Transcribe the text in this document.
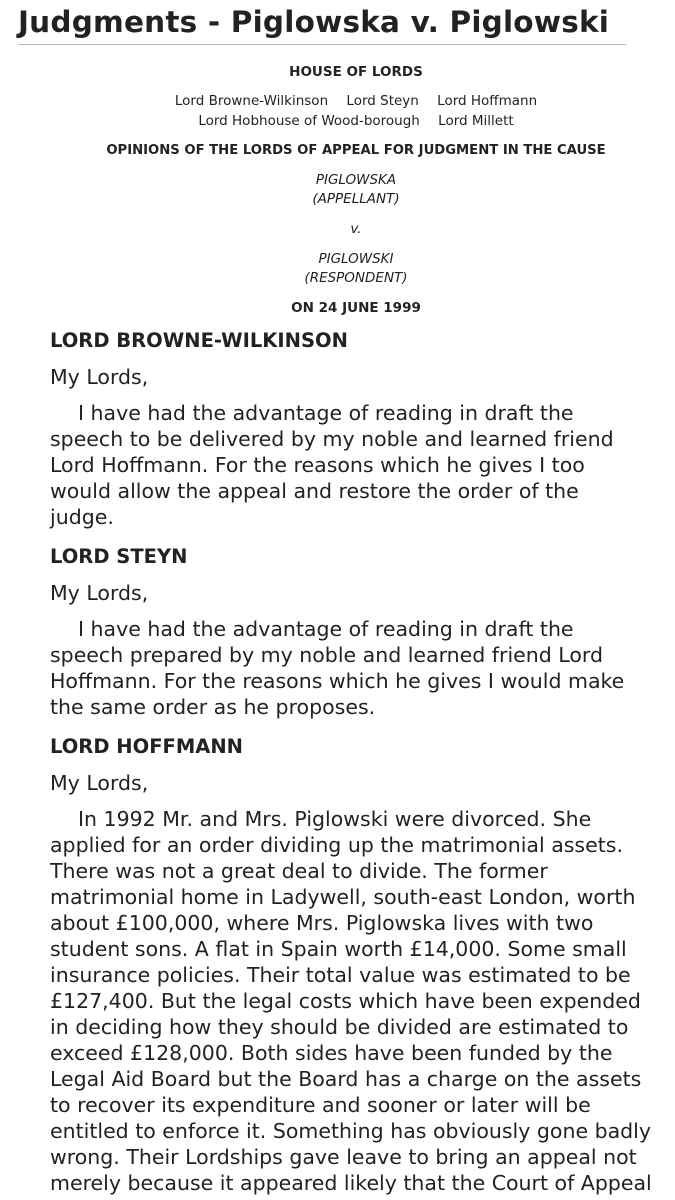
Judgments - Piglowska v. Piglowski
HOUSE OF LORDS
Lord Browne-Wilkinson Lord Steyn Lord Hoffmann
Lord Hobhouse of Wood-borough Lord Millett
OPINIONS OF THE LORDS OF APPEAL FOR JUDGMENT IN THE CAUSE
PIGLOWSKA
(APPELLANT)
v.
PIGLOWSKI
(RESPONDENT)
ON 24 JUNE 1999
LORD BROWNE-WILKINSON

My Lords,

I have had the advantage of reading in draft the
speech to be delivered by my noble and learned friend
Lord Hoffmann. For the reasons which he gives I too
would allow the appeal and restore the order of the
judge.
LORD STEYN

My Lords,

I have had the advantage of reading in draft the
speech prepared by my noble and learned friend Lord
Hoffmann. For the reasons which he gives I would make
the same order as he proposes.
LORD HOFFMANN

My Lords,

In 1992 Mr. and Mrs. Piglowski were divorced. She
applied for an order dividing up the matrimonial assets.
There was not a great deal to divide. The former
matrimonial home in Ladywell, south-east London, worth
about £100,000, where Mrs. Piglowska lives with two
student sons. A flat in Spain worth £14,000. Some small
insurance policies. Their total value was estimated to be
£127,400. But the legal costs which have been expended
in deciding how they should be divided are estimated to
exceed £128,000. Both sides have been funded by the
Legal Aid Board but the Board has a charge on the assets
to recover its expenditure and sooner or later will be
entitled to enforce it. Something has obviously gone badly
wrong. Their Lordships gave leave to bring an appeal not
merely because it appeared likely that the Court of Appeal
